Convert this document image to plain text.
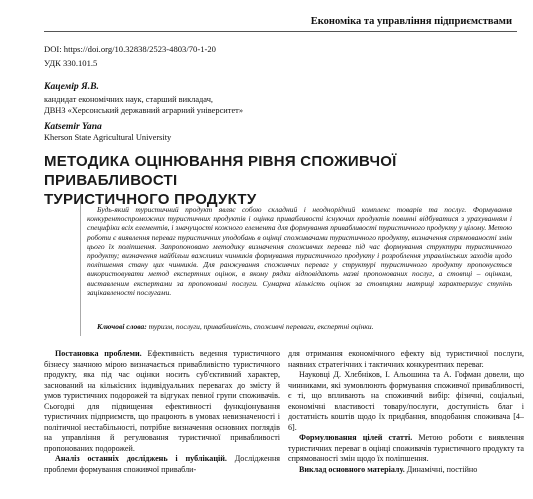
Економіка та управління підприємствами
DOI: https://doi.org/10.32838/2523-4803/70-1-20
УДК 330.101.5
Кацемір Я.В.
кандидат економічних наук, старший викладач,
ДВНЗ «Херсонський державний аграрний університет»
Katsemir Yana
Kherson State Agricultural University
МЕТОДИКА ОЦІНЮВАННЯ РІВНЯ СПОЖИВЧОЇ ПРИВАБЛИВОСТІ
ТУРИСТИЧНОГО ПРОДУКТУ
Будь-який туристичний продукт являє собою складний і неоднорідний комплекс товарів та послуг. Формування конкурентоспроможних туристичних продуктів і оцінка привабливості існуючих продуктів повинні відбуватися з урахуванням і специфіки всіх елементів, і значущості кожного елемента для формування привабливості туристичного продукту у цілому. Метою роботи є виявлення переваг туристичних уподобань в оцінці споживачами туристичного продукту, визначення спрямованості змін цього їх поліпшення. Запропоновано методику визначення споживчих переваг під час формування структури туристичного продукту; визначення найбільш важливих чинників формування туристичного продукту і розроблення управлінських заходів щодо поліпшення стану цих чинників. Для ранжування споживчих переваг у структурі туристичного продукту пропонується використовувати метод експертних оцінок, в якому рядки відповідають назві пропонованих послуг, а стовпці – оцінкам, виставленим експертами за пропоновані послуги. Сумарна кількість оцінок за стовпцями матриці характеризує ступінь зацікавленості послугами.
Ключові слова: туризм, послуги, привабливість, споживчі переваги, експертні оцінки.

Постановка проблеми. Ефективність ведення туристичного бізнесу значною мірою визначається привабливістю туристичного продукту, яка під час оцінки носить суб'єктивний характер, заснований на кількісних індивідуальних перевагах до змісту й умов туристичних подорожей та відгуках певної групи споживачів. Сьогодні для підвищення ефективності функціонування туристичних підприємств, що працюють в умовах невизначеності і політичної нестабільності, потрібне визначення основних поглядів на управління й регулювання туристичної привабливості пропонованих подорожей.

Аналіз останніх досліджень і публікацій. Дослідження проблеми формування споживчої привабли-

для отримання економічного ефекту від туристичної послуги, наявних стратегічних і тактичних конкурентних переваг.

Науковці Д. Хлєбніков, І. Альошина та А. Гофман довели, що чинниками, які зумовлюють формування споживчої привабливості, є ті, що впливають на споживчий вибір: фізичні, соціальні, економічні властивості товару/послуги, доступність благ і достатність коштів щодо їх придбання, вподобання споживача [4–6].

Формулювання цілей статті. Метою роботи є виявлення туристичних переваг в оцінці споживачів туристичного продукту та спрямованості змін щодо їх поліпшення.

Виклад основного матеріалу. Динамічні, постійно
